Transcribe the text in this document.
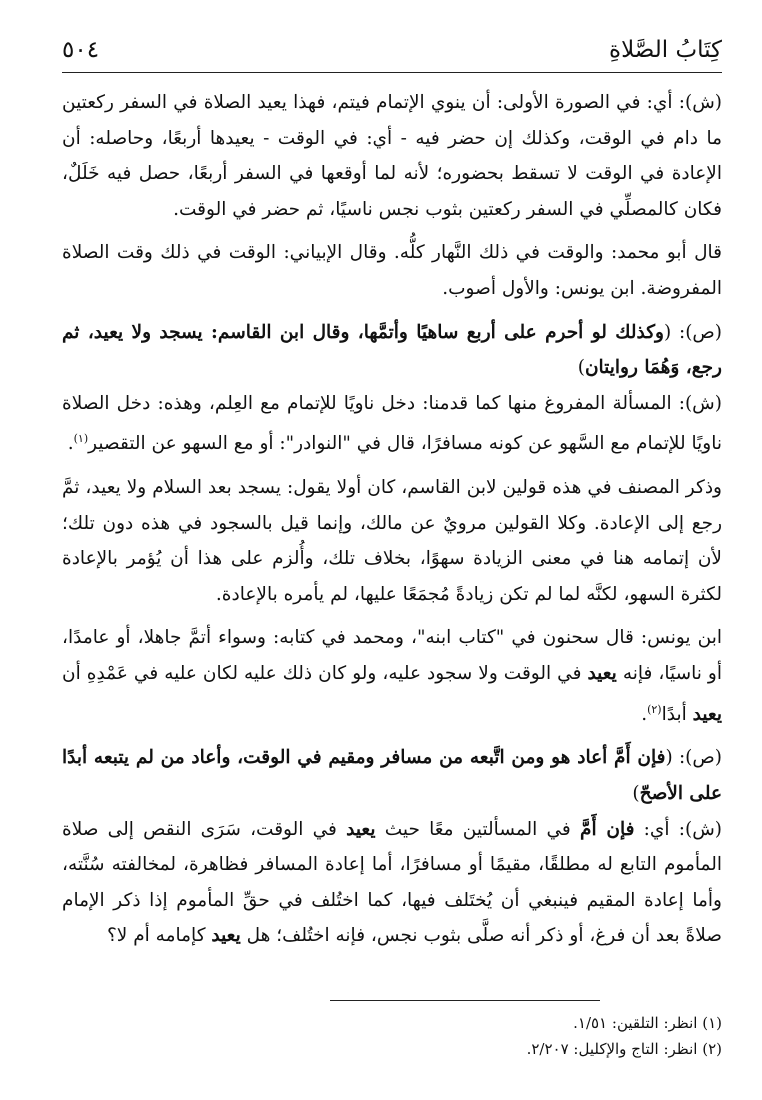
كِتَابُ الصَّلاةِ
٥٠٤

(ش): أي: في الصورة الأولى: أن ينوي الإتمام فيتم، فهذا يعيد الصلاة في السفر ركعتين ما دام في الوقت، وكذلك إن حضر فيه - أي: في الوقت - يعيدها أربعًا، وحاصله: أن الإعادة في الوقت لا تسقط بحضوره؛ لأنه لما أوقعها في السفر أربعًا، حصل فيه خَلَلٌ، فكان كالمصلِّي في السفر ركعتين بثوب نجس ناسيًا، ثم حضر في الوقت.

قال أبو محمد: والوقت في ذلك النَّهار كلُّه. وقال الإبياني: الوقت في ذلك وقت الصلاة المفروضة. ابن يونس: والأول أصوب.

(ص): (وكذلك لو أحرم على أربع ساهيًا وأتمَّها، وقال ابن القاسم: يسجد ولا يعيد، ثم رجع، وَهُمَا روايتان)

(ش): المسألة المفروغ منها كما قدمنا: دخل ناويًا للإتمام مع العِلم، وهذه: دخل الصلاة ناويًا للإتمام مع السَّهو عن كونه مسافرًا، قال في "النوادر": أو مع السهو عن التقصير$^{(١)}$.

وذكر المصنف في هذه قولين لابن القاسم، كان أولا يقول: يسجد بعد السلام ولا يعيد، ثمَّ رجع إلى الإعادة. وكلا القولين مرويٌ عن مالك، وإنما قيل بالسجود في هذه دون تلك؛ لأن إتمامه هنا في معنى الزيادة سهوًا، بخلاف تلك، وأُلزم على هذا أن يُؤمر بالإعادة لكثرة السهو، لكنَّه لما لم تكن زيادةً مُجمَعًا عليها، لم يأمره بالإعادة.

ابن يونس: قال سحنون في "كتاب ابنه"، ومحمد في كتابه: وسواء أتمَّ جاهلا، أو عامدًا، أو ناسيًا، فإنه يعيد في الوقت ولا سجود عليه، ولو كان ذلك عليه لكان عليه في عَمْدِهِ أن يعيد أبدًا$^{(٢)}$.

(ص): (فإن أَمَّ أعاد هو ومن اتَّبعه من مسافر ومقيم في الوقت، وأعاد من لم يتبعه أبدًا على الأصحّ)

(ش): أي: فإن أَمَّ في المسألتين معًا حيث يعيد في الوقت، سَرَى النقص إلى صلاة المأموم التابع له مطلقًا، مقيمًا أو مسافرًا، أما إعادة المسافر فظاهرة، لمخالفته سُنَّته، وأما إعادة المقيم فينبغي أن يُختَلف فيها، كما اختُلف في حقِّ المأموم إذا ذكر الإمام صلاةً بعد أن فرغ، أو ذكر أنه صلَّى بثوب نجس، فإنه اختُلف؛ هل يعيد كإمامه أم لا؟

(١) انظر: التلقين: ١/٥١.

(٢) انظر: التاج والإكليل: ٢/٢٠٧.
